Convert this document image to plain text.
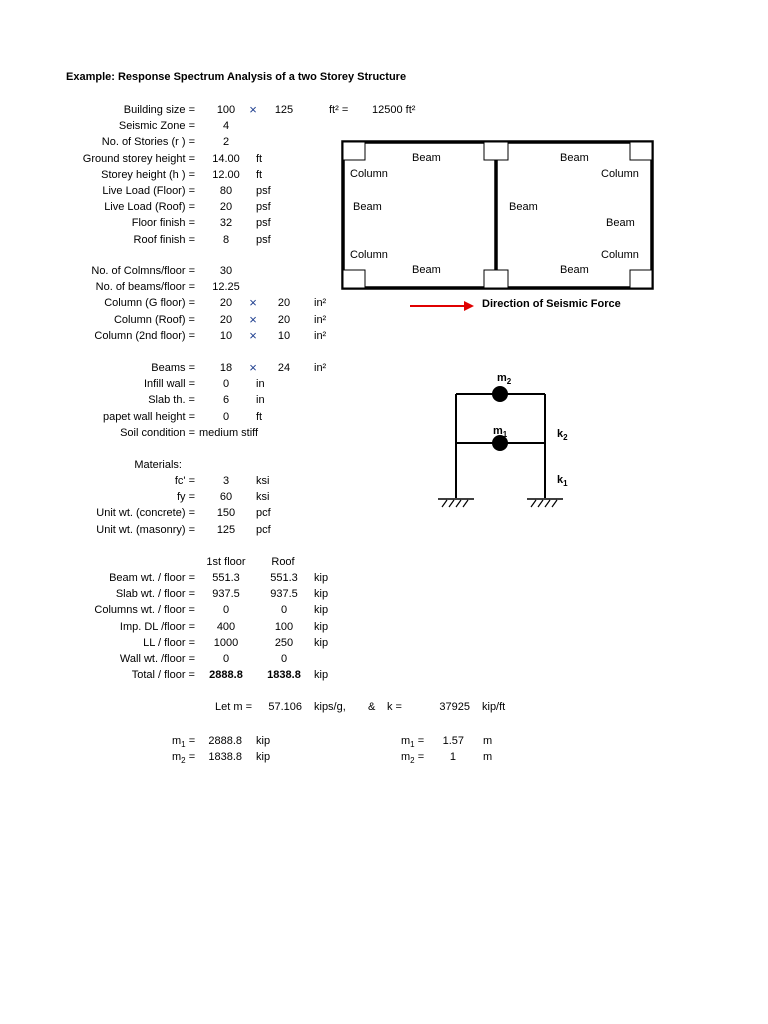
Example: Response Spectrum Analysis of a two Storey Structure
Let m =	57.106 kips/g, & k =	37925 kip/ft
$m_1$ =	2888.8 kip
$m_2$ =	1838.8 kip
$m_1$ =	1.57 m
$m_2$ =	1 m
Beam	Beam
Column	Column
Beam	Beam
Beam
Column	Column
Beam	Beam
Direction of Seismic Force
$m_2$
$m_1$	$k_2$
$k_1$
Building size =	100	×	125	ft² = 12500 ft²
Seismic Zone =	4
No. of Stories (r ) =	2
Ground storey height =	14.00	ft
Storey height (h ) =	12.00	ft
Live Load (Floor) =	80	psf
Live Load (Roof) =	20	psf
Floor finish =	32	psf
Roof finish =	8	psf
No. of Colmns/floor =	30
No. of beams/floor =	12.25
Column (G floor) =	20	×	20	in²
Column (Roof) =	20	×	20	in²
Column (2nd floor) =	10	×	10	in²
Beams =	18	×	24	in²
Infill wall =	0	in
Slab th. =	6	in
papet wall height =	0	ft
Soil condition = medium stiff
Materials:
fc' =	3	ksi
fy =	60	ksi
Unit wt. (concrete) =	150	pcf
Unit wt. (masonry) =	125	pcf
1st floor	Roof
Beam wt. / floor =	551.3	551.3	kip
Slab wt. / floor =	937.5	937.5	kip
Columns wt. / floor =	0	0	kip
Imp. DL /floor =	400	100	kip
LL / floor =	1000	250	kip
Wall wt. /floor =	0	0
Total / floor =	2888.8	1838.8	kip
